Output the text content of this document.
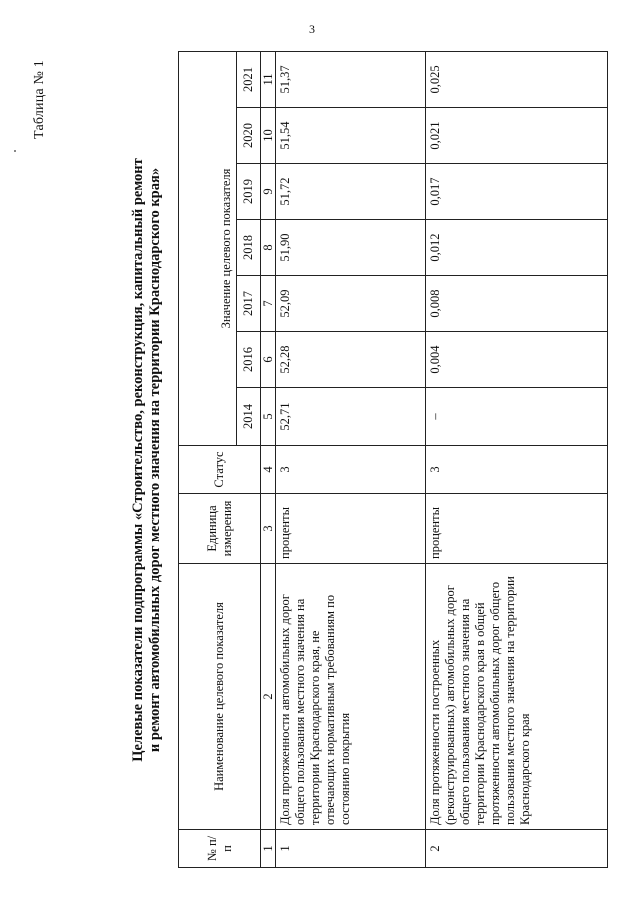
3
Таблица № 1
Целевые показатели подпрограммы «Строительство, реконструкция, капитальный ремонт и ремонт автомобильных дорог местного значения на территории Краснодарского края»
№ п/п	Наименование целевого показателя	Единица измерения	Статус	Значение целевого показателя						
				2014	2016	2017	2018	2019	2020	2021
1	2	3	4	5	6	7	8	9	10	11
1	Доля протяженности автомобильных дорог общего пользования местного значения на территории Краснодарского края, не отвечающих нормативным требованиям по состоянию покрытия	проценты	3	52,71	52,28	52,09	51,90	51,72	51,54	51,37
2	Доля протяженности построенных (реконструированных) автомобильных дорог общего пользования местного значения на территории Краснодарского края в общей протяженности автомобильных дорог общего пользования местного значения на территории Краснодарского края	проценты	3	–	0,004	0,008	0,012	0,017	0,021	0,025
